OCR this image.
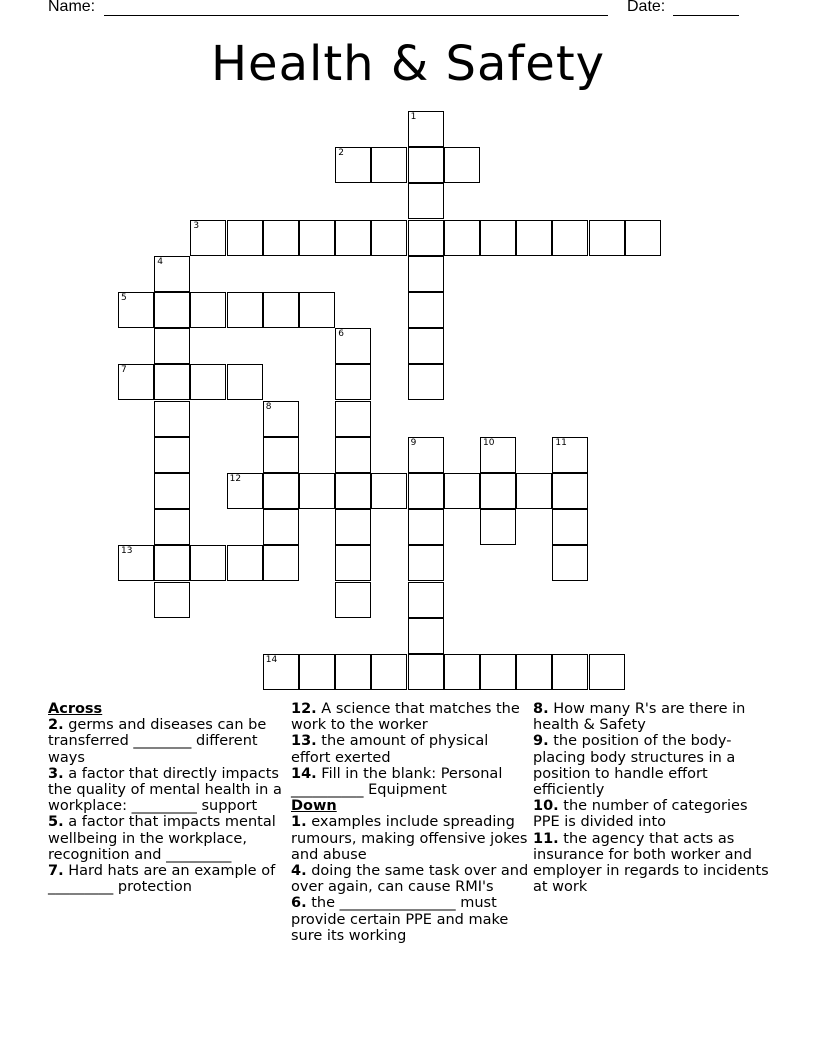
Name:	Date:
Health & Safety
1
2
3
4
5
6
7
8
9	10	11
12
13
14

Across

2. germs and diseases can be transferred ________ different ways

3. a factor that directly impacts the quality of mental health in a workplace: _________ support

5. a factor that impacts mental wellbeing in the workplace, recognition and _________

7. Hard hats are an example of _________ protection

12. A science that matches the work to the worker

13. the amount of physical effort exerted

14. Fill in the blank: Personal __________ Equipment

Down

1. examples include spreading rumours, making offensive jokes and abuse

4. doing the same task over and over again, can cause RMI's

6. the ________________ must provide certain PPE and make sure its working

8. How many R's are there in health & Safety

9. the position of the body- placing body structures in a position to handle effort efficiently

10. the number of categories PPE is divided into

11. the agency that acts as insurance for both worker and employer in regards to incidents at work
